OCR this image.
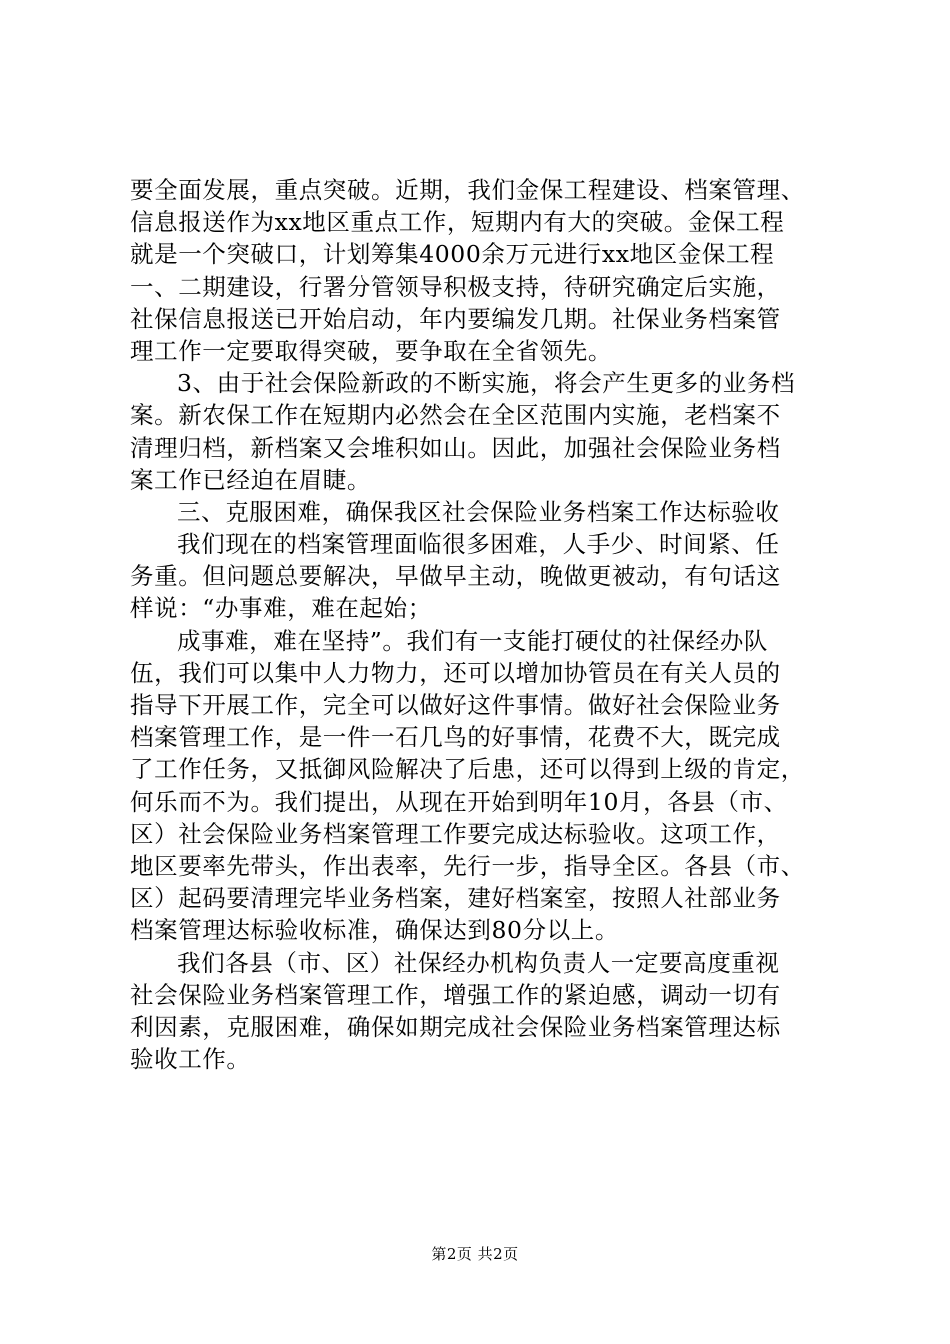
要全面发展，重点突破。近期，我们金保工程建设、档案管理、
信息报送作为xx地区重点工作，短期内有大的突破。金保工程
就是一个突破口，计划筹集4000余万元进行xx地区金保工程
一、二期建设，行署分管领导积极支持，待研究确定后实施，
社保信息报送已开始启动，年内要编发几期。社保业务档案管
理工作一定要取得突破，要争取在全省领先。
3、由于社会保险新政的不断实施，将会产生更多的业务档
案。新农保工作在短期内必然会在全区范围内实施，老档案不
清理归档，新档案又会堆积如山。因此，加强社会保险业务档
案工作已经迫在眉睫。
三、克服困难，确保我区社会保险业务档案工作达标验收
我们现在的档案管理面临很多困难，人手少、时间紧、任
务重。但问题总要解决，早做早主动，晚做更被动，有句话这
样说：“办事难，难在起始；
成事难，难在坚持”。我们有一支能打硬仗的社保经办队
伍，我们可以集中人力物力，还可以增加协管员在有关人员的
指导下开展工作，完全可以做好这件事情。做好社会保险业务
档案管理工作，是一件一石几鸟的好事情，花费不大，既完成
了工作任务，又抵御风险解决了后患，还可以得到上级的肯定，
何乐而不为。我们提出，从现在开始到明年10月，各县（市、
区）社会保险业务档案管理工作要完成达标验收。这项工作，
地区要率先带头，作出表率，先行一步，指导全区。各县（市、
区）起码要清理完毕业务档案，建好档案室，按照人社部业务
档案管理达标验收标准，确保达到80分以上。
我们各县（市、区）社保经办机构负责人一定要高度重视
社会保险业务档案管理工作，增强工作的紧迫感，调动一切有
利因素，克服困难，确保如期完成社会保险业务档案管理达标
验收工作。
第2页 共2页
